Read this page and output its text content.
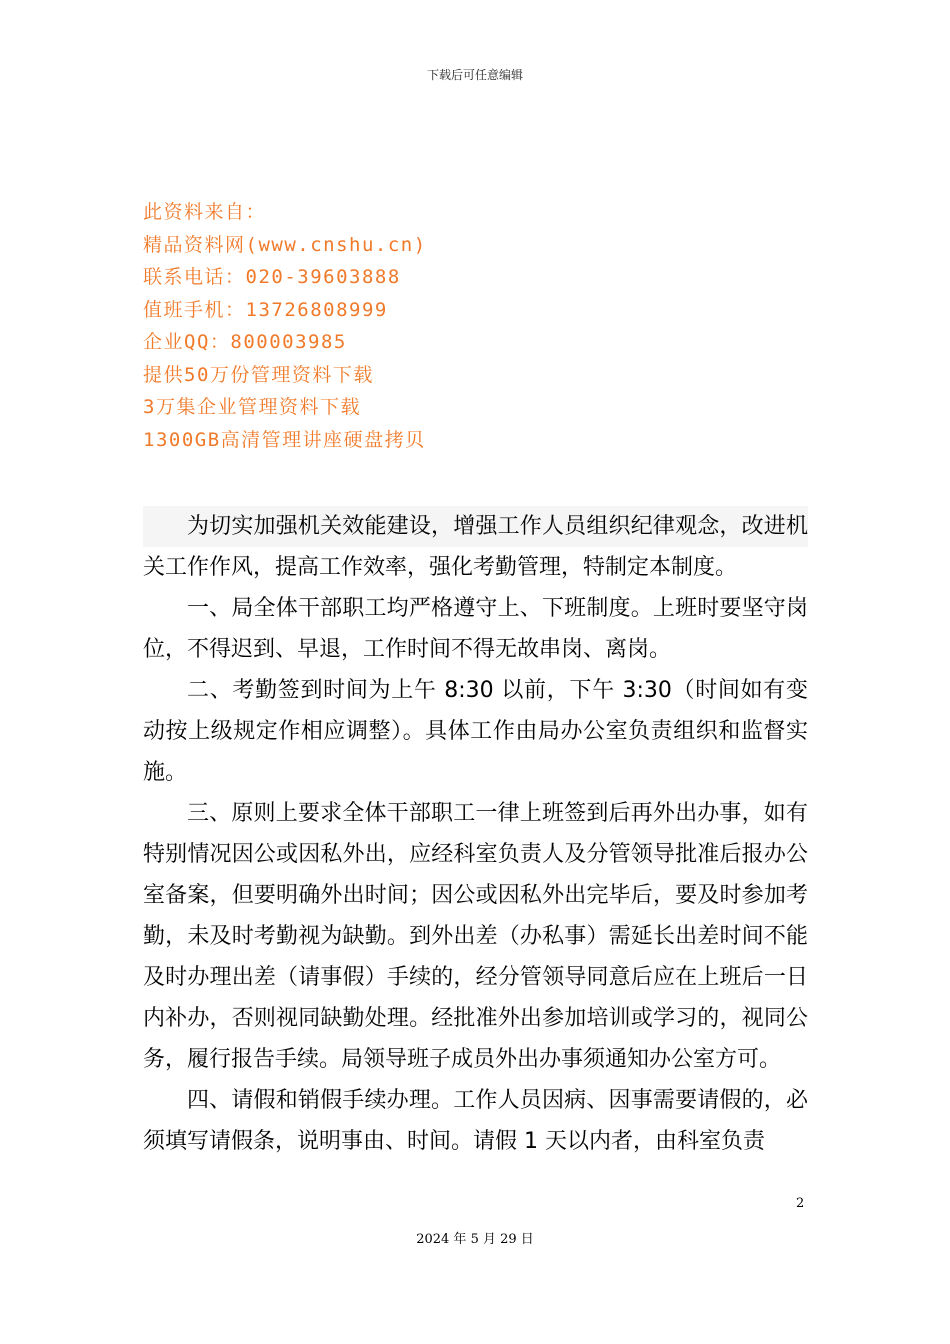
下载后可任意编辑
此资料来自：
精品资料网(www.cnshu.cn)
联系电话：020-39603888
值班手机：13726808999
企业QQ：800003985
提供50万份管理资料下载
3万集企业管理资料下载
1300GB高清管理讲座硬盘拷贝

为切实加强机关效能建设，增强工作人员组织纪律观念，改进机关工作作风，提高工作效率，强化考勤管理，特制定本制度。

一、局全体干部职工均严格遵守上、下班制度。上班时要坚守岗位，不得迟到、早退，工作时间不得无故串岗、离岗。

二、考勤签到时间为上午 8:30 以前，下午 3:30（时间如有变动按上级规定作相应调整）。具体工作由局办公室负责组织和监督实施。

三、原则上要求全体干部职工一律上班签到后再外出办事，如有特别情况因公或因私外出，应经科室负责人及分管领导批准后报办公室备案，但要明确外出时间；因公或因私外出完毕后，要及时参加考勤，未及时考勤视为缺勤。到外出差（办私事）需延长出差时间不能及时办理出差（请事假）手续的，经分管领导同意后应在上班后一日内补办，否则视同缺勤处理。经批准外出参加培训或学习的，视同公务，履行报告手续。局领导班子成员外出办事须通知办公室方可。

四、请假和销假手续办理。工作人员因病、因事需要请假的，必须填写请假条，说明事由、时间。请假 1 天以内者，由科室负责

2
2024 年 5 月 29 日
